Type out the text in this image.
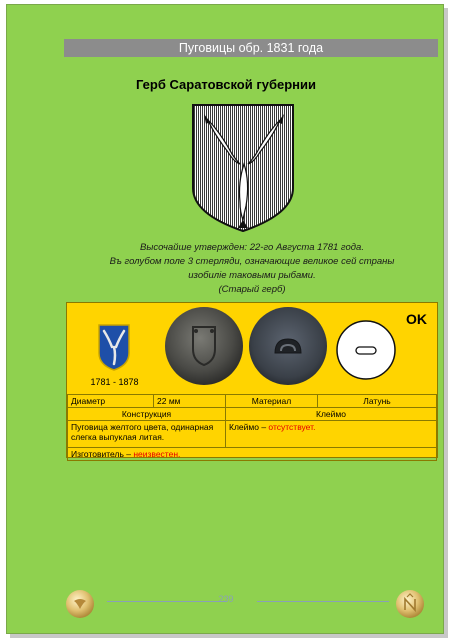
Пуговицы обр. 1831 года
Герб Саратовской губернии
Высочайше утвержден: 22-го Августа 1781 года.
Въ голубом поле 3 стерляди, означающие великое сей страны
изобиліе таковыми рыбами.
(Старый герб)
1781 - 1878
OK
Диаметр	22 мм	Материал	Латунь
Конструкция		Клеймо	
Пуговица желтого цвета, одинарная слегка выпуклая литая.		Клеймо – отсутствует.	
Изготовитель – неизвестен.			
239
